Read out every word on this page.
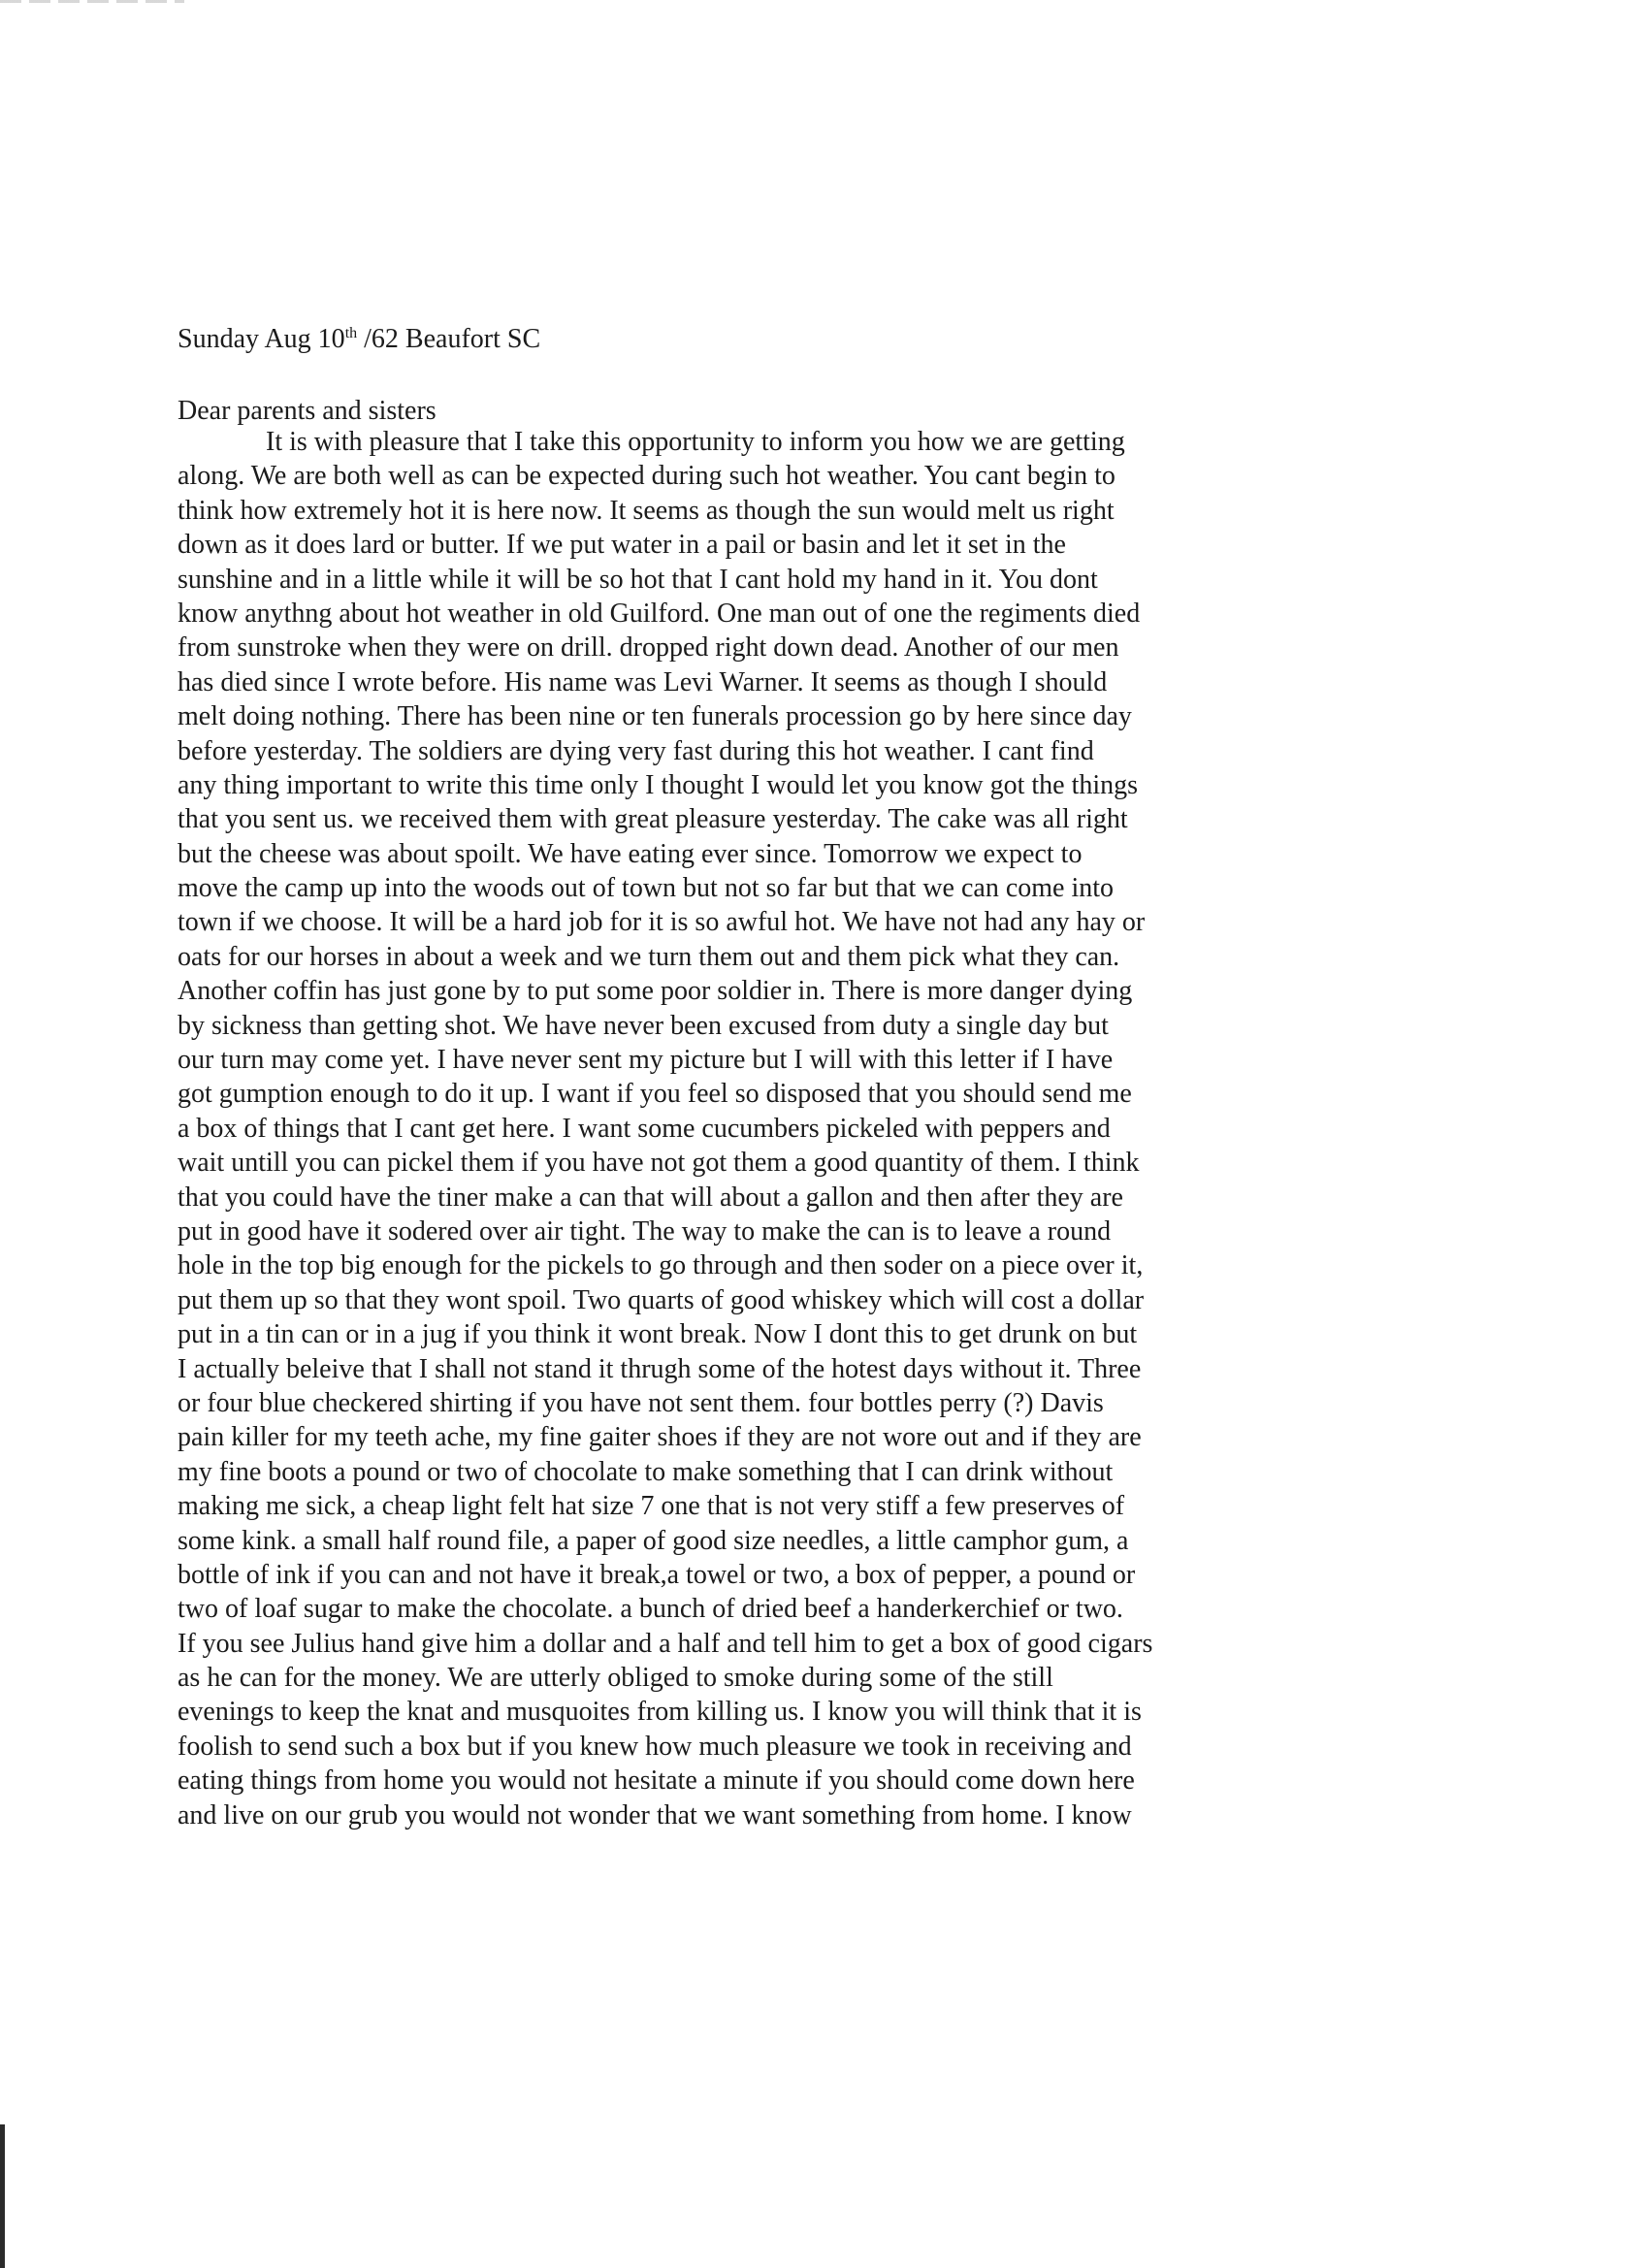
Sunday Aug 10th /62 Beaufort SC
Dear parents and sisters
It is with pleasure that I take this opportunity to inform you how we are getting
along. We are both well as can be expected during such hot weather. You cant begin to
think how extremely hot it is here now. It seems as though the sun would melt us right
down as it does lard or butter. If we put water in a pail or basin and let it set in the
sunshine and in a little while it will be so hot that I cant hold my hand in it. You dont
know anythng about hot weather in old Guilford. One man out of one the regiments died
from sunstroke when they were on drill. dropped right down dead. Another of our men
has died since I wrote before. His name was Levi Warner. It seems as though I should
melt doing nothing. There has been nine or ten funerals procession go by here since day
before yesterday. The soldiers are dying very fast during this hot weather. I cant find
any thing important to write this time only I thought I would let you know got the things
that you sent us. we received them with great pleasure yesterday. The cake was all right
but the cheese was about spoilt. We have eating ever since. Tomorrow we expect to
move the camp up into the woods out of town but not so far but that we can come into
town if we choose. It will be a hard job for it is so awful hot. We have not had any hay or
oats for our horses in about a week and we turn them out and them pick what they can.
Another coffin has just gone by to put some poor soldier in. There is more danger dying
by sickness than getting shot. We have never been excused from duty a single day but
our turn may come yet. I have never sent my picture but I will with this letter if I have
got gumption enough to do it up. I want if you feel so disposed that you should send me
a box of things that I cant get here. I want some cucumbers pickeled with peppers and
wait untill you can pickel them if you have not got them a good quantity of them. I think
that you could have the tiner make a can that will about a gallon and then after they are
put in good have it sodered over air tight. The way to make the can is to leave a round
hole in the top big enough for the pickels to go through and then soder on a piece over it,
put them up so that they wont spoil. Two quarts of good whiskey which will cost a dollar
put in a tin can or in a jug if you think it wont break. Now I dont this to get drunk on but
I actually beleive that I shall not stand it thrugh some of the hotest days without it. Three
or four blue checkered shirting if you have not sent them. four bottles perry (?) Davis
pain killer for my teeth ache, my fine gaiter shoes if they are not wore out and if they are
my fine boots a pound or two of chocolate to make something that I can drink without
making me sick, a cheap light felt hat size 7 one that is not very stiff a few preserves of
some kink. a small half round file, a paper of good size needles, a little camphor gum, a
bottle of ink if you can and not have it break,a towel or two, a box of pepper, a pound or
two of loaf sugar to make the chocolate. a bunch of dried beef a handerkerchief or two.
If you see Julius hand give him a dollar and a half and tell him to get a box of good cigars
as he can for the money. We are utterly obliged to smoke during some of the still
evenings to keep the knat and musquoites from killing us. I know you will think that it is
foolish to send such a box but if you knew how much pleasure we took in receiving and
eating things from home you would not hesitate a minute if you should come down here
and live on our grub you would not wonder that we want something from home. I know
